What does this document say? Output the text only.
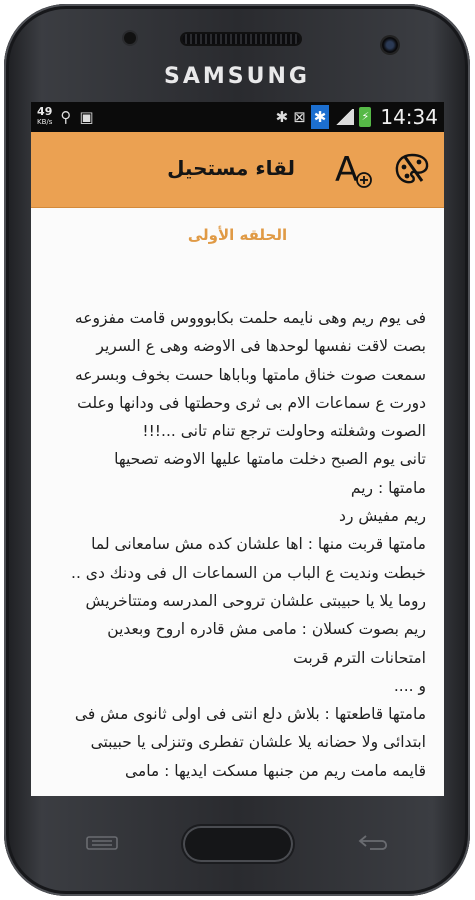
SAMSUNG
49
KB/s ⚲ ▣	✱ ⊠ ✱	⚡ 14:34
لقاء مستحيل A
الحلقه الأولى
فى يوم ريم وهى نايمه حلمت بكابوووس قامت مفزوعه
بصت لاقت نفسها لوحدها فى الاوضه وهى ع السرير
سمعت صوت خناق مامتها وباباها حست بخوف وبسرعه
دورت ع سماعات الام بى ثرى وحطتها فى ودانها وعلت
الصوت وشغلته وحاولت ترجع تنام تانى ...!!!
تانى يوم الصبح دخلت مامتها عليها الاوضه تصحيها
مامتها : ريم
ريم مفيش رد
مامتها قربت منها : اها علشان كده مش سامعانى لما
خبطت ونديت ع الباب من السماعات ال فى ودنك دى ..
روما يلا يا حبيبتى علشان تروحى المدرسه ومتتاخريش
ريم بصوت كسلان : مامى مش قادره اروح وبعدين
امتحانات الترم قربت
و ....
مامتها قاطعتها : بلاش دلع انتى فى اولى ثانوى مش فى
ابتدائى ولا حضانه يلا علشان تفطرى وتنزلى يا حبيبتى
قايمه مامت ريم من جنبها مسكت ايديها : مامى
